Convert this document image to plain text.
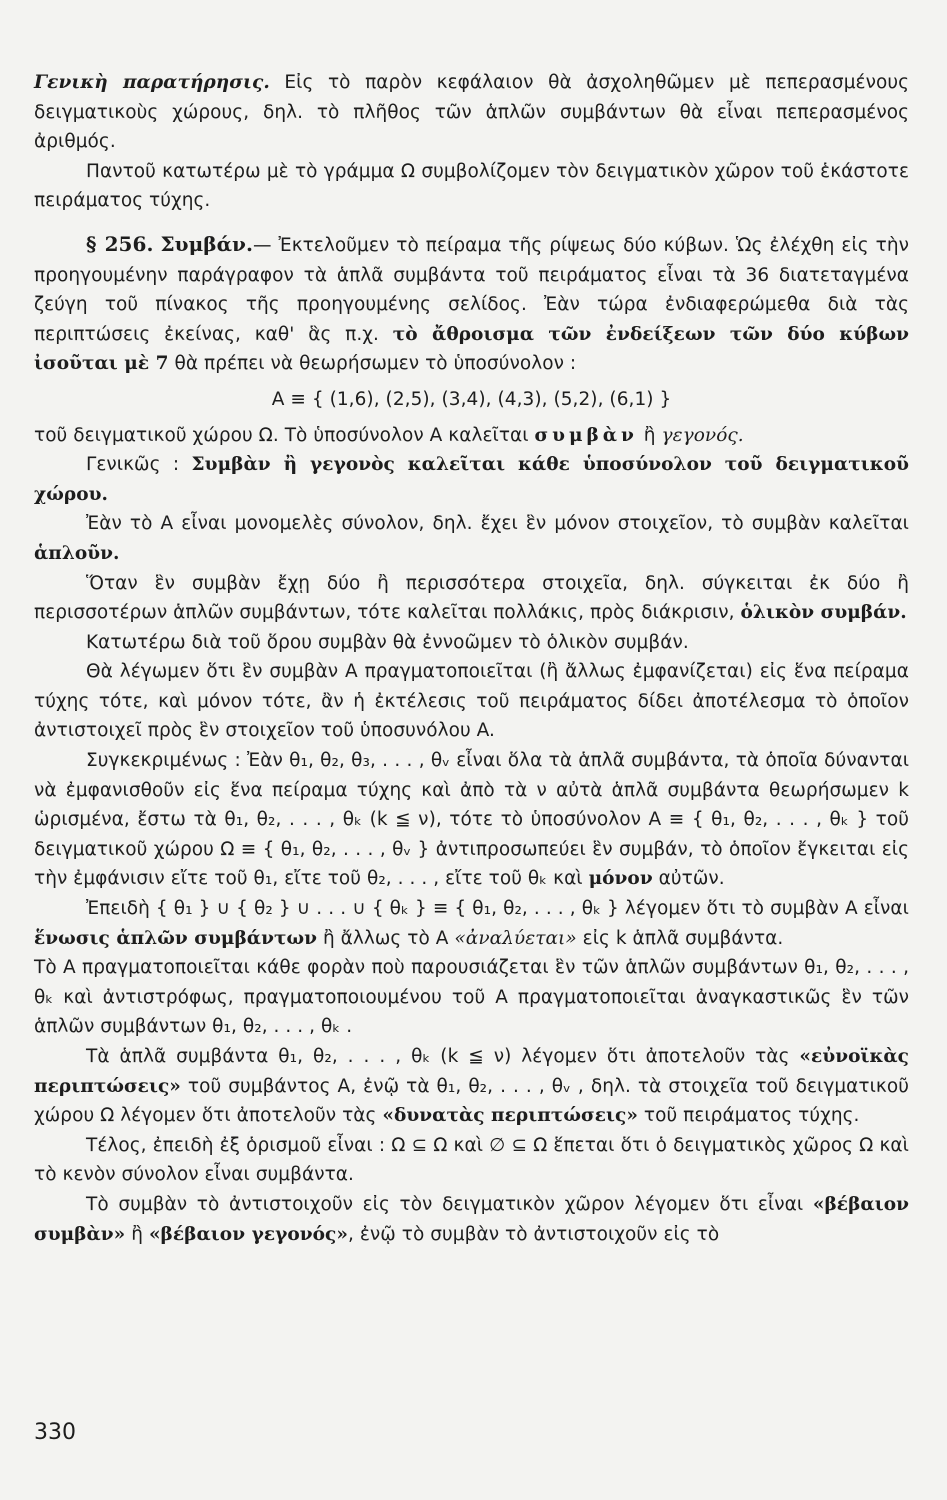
Γενικὴ παρατήρησις. Εἰς τὸ παρὸν κεφάλαιον θὰ ἀσχοληθῶμεν μὲ πεπερασμένους δειγματικοὺς χώρους, δηλ. τὸ πλῆθος τῶν ἁπλῶν συμβάντων θὰ εἶναι πεπερασμένος ἀριθμός.

Παντοῦ κατωτέρω μὲ τὸ γράμμα Ω συμβολίζομεν τὸν δειγματικὸν χῶρον τοῦ ἑκάστοτε πειράματος τύχης.

§ 256. Συμβάν.— Ἐκτελοῦμεν τὸ πείραμα τῆς ρίψεως δύο κύβων. Ὡς ἐλέχθη εἰς τὴν προηγουμένην παράγραφον τὰ ἁπλᾶ συμβάντα τοῦ πειράματος εἶναι τὰ 36 διατεταγμένα ζεύγη τοῦ πίνακος τῆς προηγουμένης σελίδος. Ἐὰν τώρα ἐνδιαφερώμεθα διὰ τὰς περιπτώσεις ἐκείνας, καθ' ἃς π.χ. τὸ ἄθροισμα τῶν ἐνδείξεων τῶν δύο κύβων ἰσοῦται μὲ 7 θὰ πρέπει νὰ θεωρήσωμεν τὸ ὑποσύνολον :

A ≡ { (1,6), (2,5), (3,4), (4,3), (5,2), (6,1) }

τοῦ δειγματικοῦ χώρου Ω. Τὸ ὑποσύνολον A καλεῖται συμβὰν ἢ γεγονός.

Γενικῶς : Συμβὰν ἢ γεγονὸς καλεῖται κάθε ὑποσύνολον τοῦ δειγματικοῦ χώρου.

Ἐὰν τὸ A εἶναι μονομελὲς σύνολον, δηλ. ἔχει ἓν μόνον στοιχεῖον, τὸ συμβὰν καλεῖται ἁπλοῦν.

Ὅταν ἓν συμβὰν ἔχῃ δύο ἢ περισσότερα στοιχεῖα, δηλ. σύγκειται ἐκ δύο ἢ περισσοτέρων ἁπλῶν συμβάντων, τότε καλεῖται πολλάκις, πρὸς διάκρισιν, ὁλικὸν συμβάν.

Κατωτέρω διὰ τοῦ ὅρου συμβὰν θὰ ἐννοῶμεν τὸ ὁλικὸν συμβάν.

Θὰ λέγωμεν ὅτι ἓν συμβὰν A πραγματοποιεῖται (ἢ ἄλλως ἐμφανίζεται) εἰς ἕνα πείραμα τύχης τότε, καὶ μόνον τότε, ἂν ἡ ἐκτέλεσις τοῦ πειράματος δίδει ἀποτέλεσμα τὸ ὁποῖον ἀντιστοιχεῖ πρὸς ἓν στοιχεῖον τοῦ ὑποσυνόλου A.

Συγκεκριμένως : Ἐὰν θ₁, θ₂, θ₃, . . . , θᵥ εἶναι ὅλα τὰ ἁπλᾶ συμβάντα, τὰ ὁποῖα δύνανται νὰ ἐμφανισθοῦν εἰς ἕνα πείραμα τύχης καὶ ἀπὸ τὰ ν αὐτὰ ἁπλᾶ συμβάντα θεωρήσωμεν k ὡρισμένα, ἔστω τὰ θ₁, θ₂, . . . , θₖ (k ≦ ν), τότε τὸ ὑποσύνολον A ≡ { θ₁, θ₂, . . . , θₖ } τοῦ δειγματικοῦ χώρου Ω ≡ { θ₁, θ₂, . . . , θᵥ } ἀντιπροσωπεύει ἓν συμβάν, τὸ ὁποῖον ἔγκειται εἰς τὴν ἐμφάνισιν εἴτε τοῦ θ₁, εἴτε τοῦ θ₂, . . . , εἴτε τοῦ θₖ καὶ μόνον αὐτῶν.

Ἐπειδὴ { θ₁ } ∪ { θ₂ } ∪ . . . ∪ { θₖ } ≡ { θ₁, θ₂, . . . , θₖ } λέγομεν ὅτι τὸ συμβὰν A εἶναι ἕνωσις ἁπλῶν συμβάντων ἢ ἄλλως τὸ A «ἀναλύεται» εἰς k ἁπλᾶ συμβάντα.

Τὸ A πραγματοποιεῖται κάθε φορὰν ποὺ παρουσιάζεται ἓν τῶν ἁπλῶν συμβάντων θ₁, θ₂, . . . , θₖ καὶ ἀντιστρόφως, πραγματοποιουμένου τοῦ A πραγματοποιεῖται ἀναγκαστικῶς ἓν τῶν ἁπλῶν συμβάντων θ₁, θ₂, . . . , θₖ .

Τὰ ἁπλᾶ συμβάντα θ₁, θ₂, . . . , θₖ (k ≦ ν) λέγομεν ὅτι ἀποτελοῦν τὰς «εὐνοϊκὰς περιπτώσεις» τοῦ συμβάντος A, ἐνῷ τὰ θ₁, θ₂, . . . , θᵥ , δηλ. τὰ στοιχεῖα τοῦ δειγματικοῦ χώρου Ω λέγομεν ὅτι ἀποτελοῦν τὰς «δυνατὰς περιπτώσεις» τοῦ πειράματος τύχης.

Τέλος, ἐπειδὴ ἐξ ὁρισμοῦ εἶναι : Ω ⊆ Ω καὶ ∅ ⊆ Ω ἕπεται ὅτι ὁ δειγματικὸς χῶρος Ω καὶ τὸ κενὸν σύνολον εἶναι συμβάντα.

Τὸ συμβὰν τὸ ἀντιστοιχοῦν εἰς τὸν δειγματικὸν χῶρον λέγομεν ὅτι εἶναι «βέβαιον συμβὰν» ἢ «βέβαιον γεγονός», ἐνῷ τὸ συμβὰν τὸ ἀντιστοιχοῦν εἰς τὸ

330
